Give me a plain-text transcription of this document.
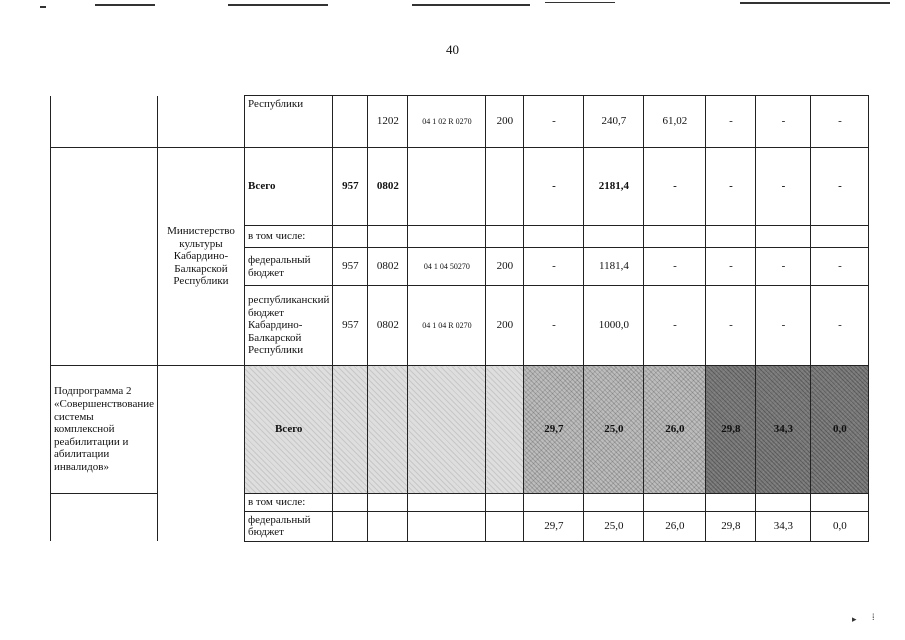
40
		Республики		1202	04 1 02 R 0270	200	-	240,7	61,02	-	-	-
	Министерство культуры Кабардино-Балкарской Республики	Всего	957	0802			-	2181,4	-	-	-	-
		в том числе:										
		федеральный бюджет	957	0802	04 1 04 50270	200	-	1181,4	-	-	-	-
		республиканский бюджет Кабардино-Балкарской Республики	957	0802	04 1 04 R 0270	200	-	1000,0	-	-	-	-
Подпрограмма 2 «Совершенствование системы комплексной реабилитации и абилитации инвалидов»		Всего					29,7	25,0	26,0	29,8	34,3	0,0
		в том числе:										
		федеральный бюджет					29,7	25,0	26,0	29,8	34,3	0,0
▸ ⁞
